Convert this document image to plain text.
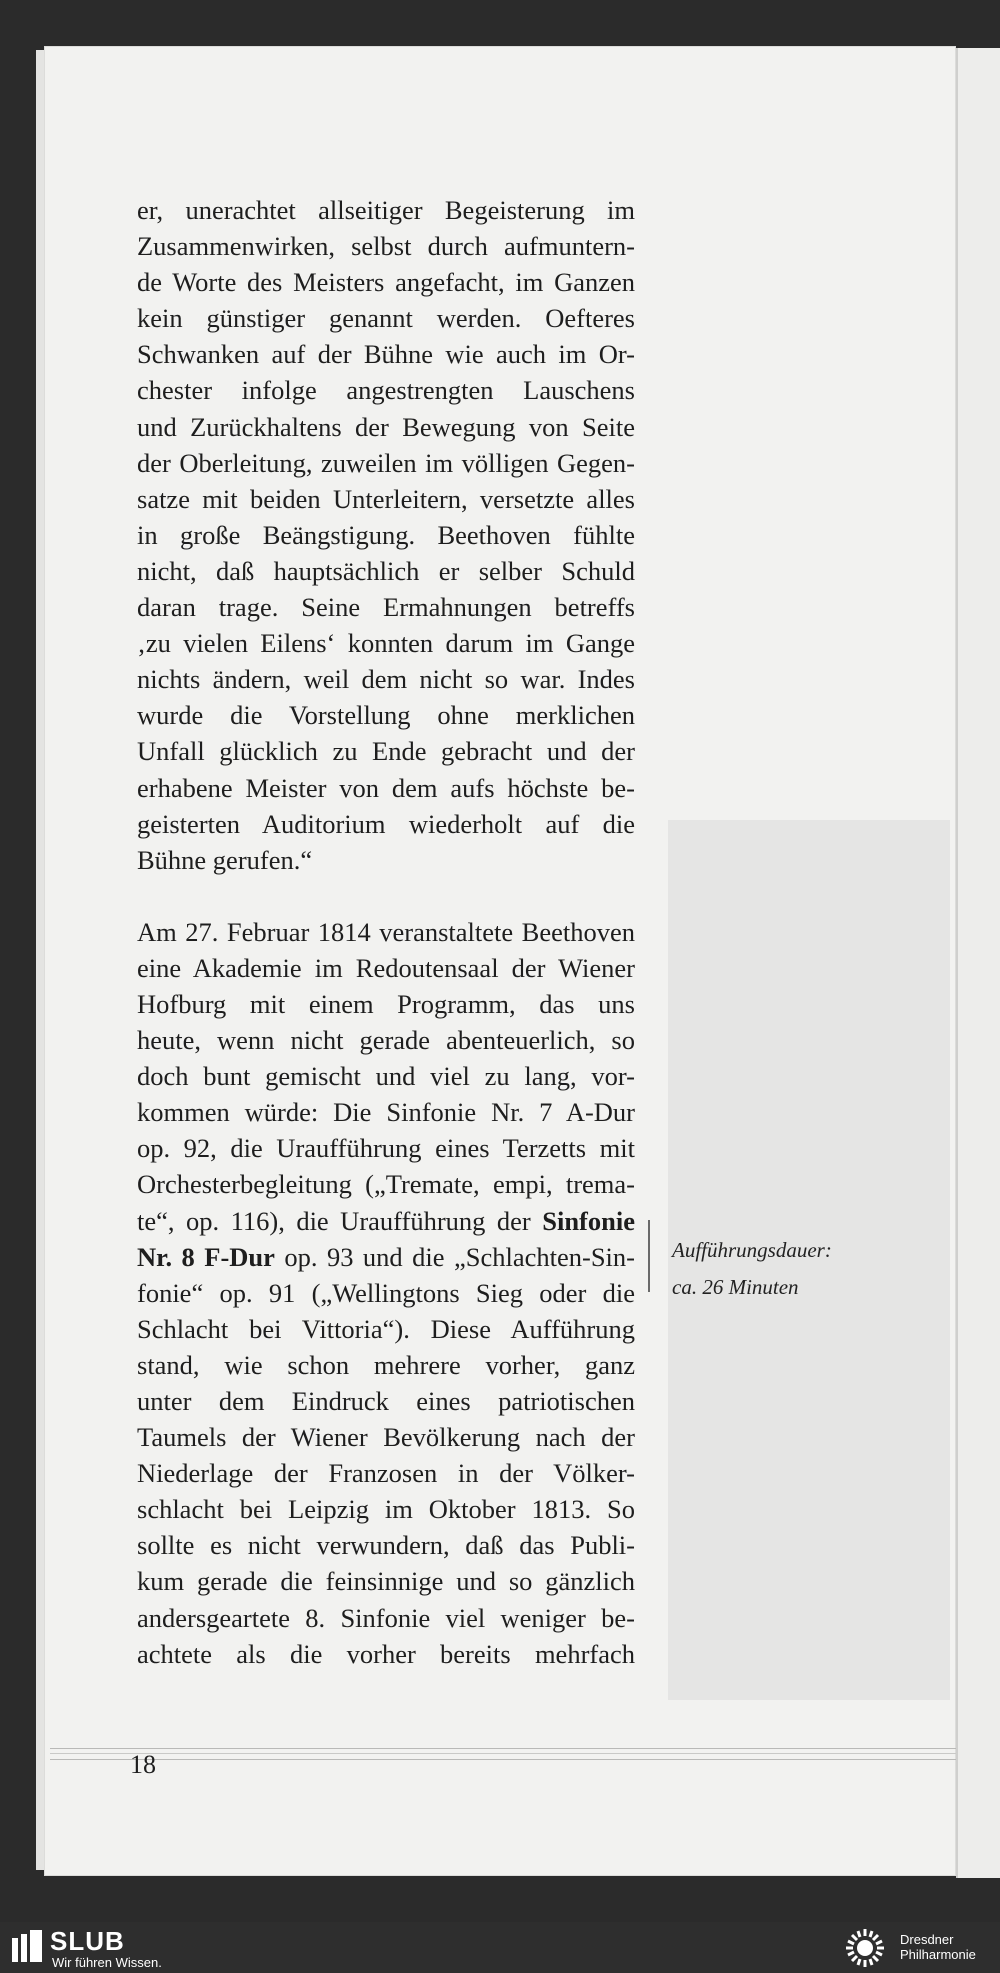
Aufführungsdauer:
ca. 26 Minuten
er, unerachtet allseitiger Begeisterung im
Zusammenwirken, selbst durch aufmuntern-
de Worte des Meisters angefacht, im Ganzen
kein günstiger genannt werden. Oefteres
Schwanken auf der Bühne wie auch im Or-
chester infolge angestrengten Lauschens
und Zurückhaltens der Bewegung von Seite
der Oberleitung, zuweilen im völligen Gegen-
satze mit beiden Unterleitern, versetzte alles
in große Beängstigung. Beethoven fühlte
nicht, daß hauptsächlich er selber Schuld
daran trage. Seine Ermahnungen betreffs
‚zu vielen Eilens‘ konnten darum im Gange
nichts ändern, weil dem nicht so war. Indes
wurde die Vorstellung ohne merklichen
Unfall glücklich zu Ende gebracht und der
erhabene Meister von dem aufs höchste be-
geisterten Auditorium wiederholt auf die
Bühne gerufen.“
Am 27. Februar 1814 veranstaltete Beethoven
eine Akademie im Redoutensaal der Wiener
Hofburg mit einem Programm, das uns
heute, wenn nicht gerade abenteuerlich, so
doch bunt gemischt und viel zu lang, vor-
kommen würde: Die Sinfonie Nr. 7 A-Dur
op. 92, die Uraufführung eines Terzetts mit
Orchesterbegleitung („Tremate, empi, trema-
te“, op. 116), die Uraufführung der Sinfonie
Nr. 8 F-Dur op. 93 und die „Schlachten-Sin-
fonie“ op. 91 („Wellingtons Sieg oder die
Schlacht bei Vittoria“). Diese Aufführung
stand, wie schon mehrere vorher, ganz
unter dem Eindruck eines patriotischen
Taumels der Wiener Bevölkerung nach der
Niederlage der Franzosen in der Völker-
schlacht bei Leipzig im Oktober 1813. So
sollte es nicht verwundern, daß das Publi-
kum gerade die feinsinnige und so gänzlich
andersgeartete 8. Sinfonie viel weniger be-
achtete als die vorher bereits mehrfach
18
SLUB
Wir führen Wissen.
Dresdner
Philharmonie
